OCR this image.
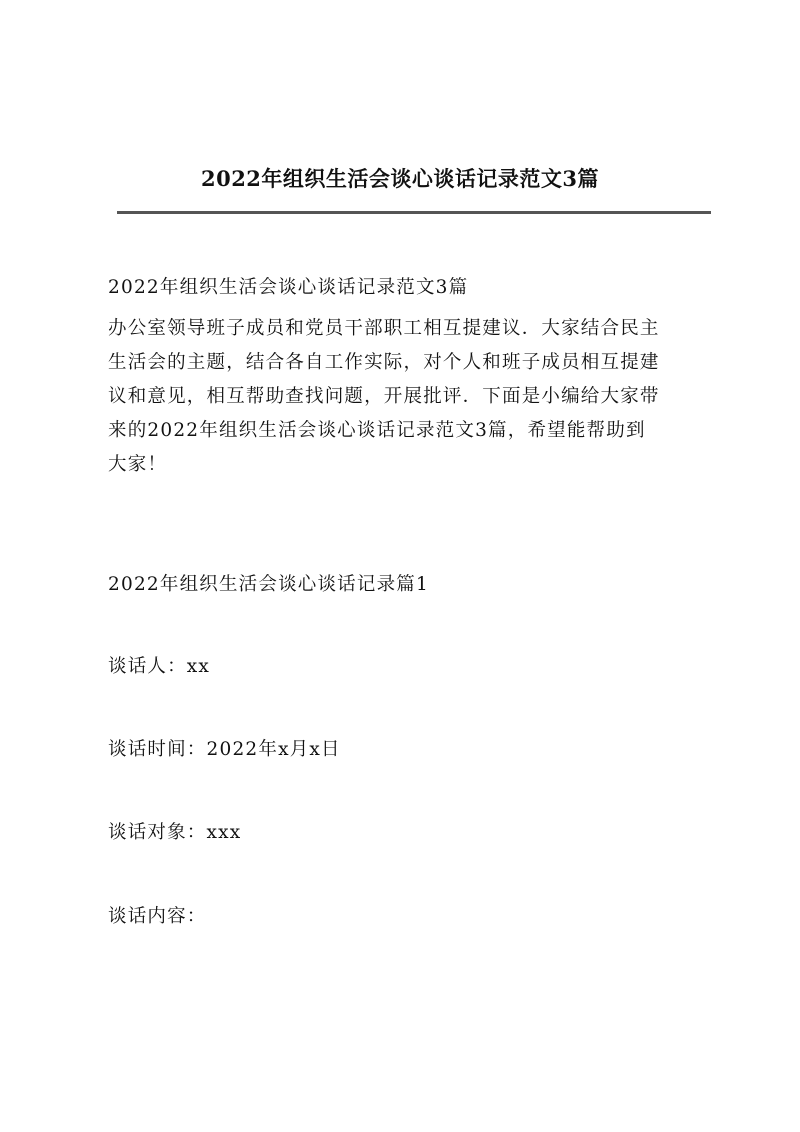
2022年组织生活会谈心谈话记录范文3篇
2022年组织生活会谈心谈话记录范文3篇
办公室领导班子成员和党员干部职工相互提建议．大家结合民主
生活会的主题，结合各自工作实际，对个人和班子成员相互提建
议和意见，相互帮助查找问题，开展批评．下面是小编给大家带
来的2022年组织生活会谈心谈话记录范文3篇，希望能帮助到
大家！
2022年组织生活会谈心谈话记录篇1
谈话人：xx
谈话时间：2022年x月x日
谈话对象：xxx
谈话内容：
